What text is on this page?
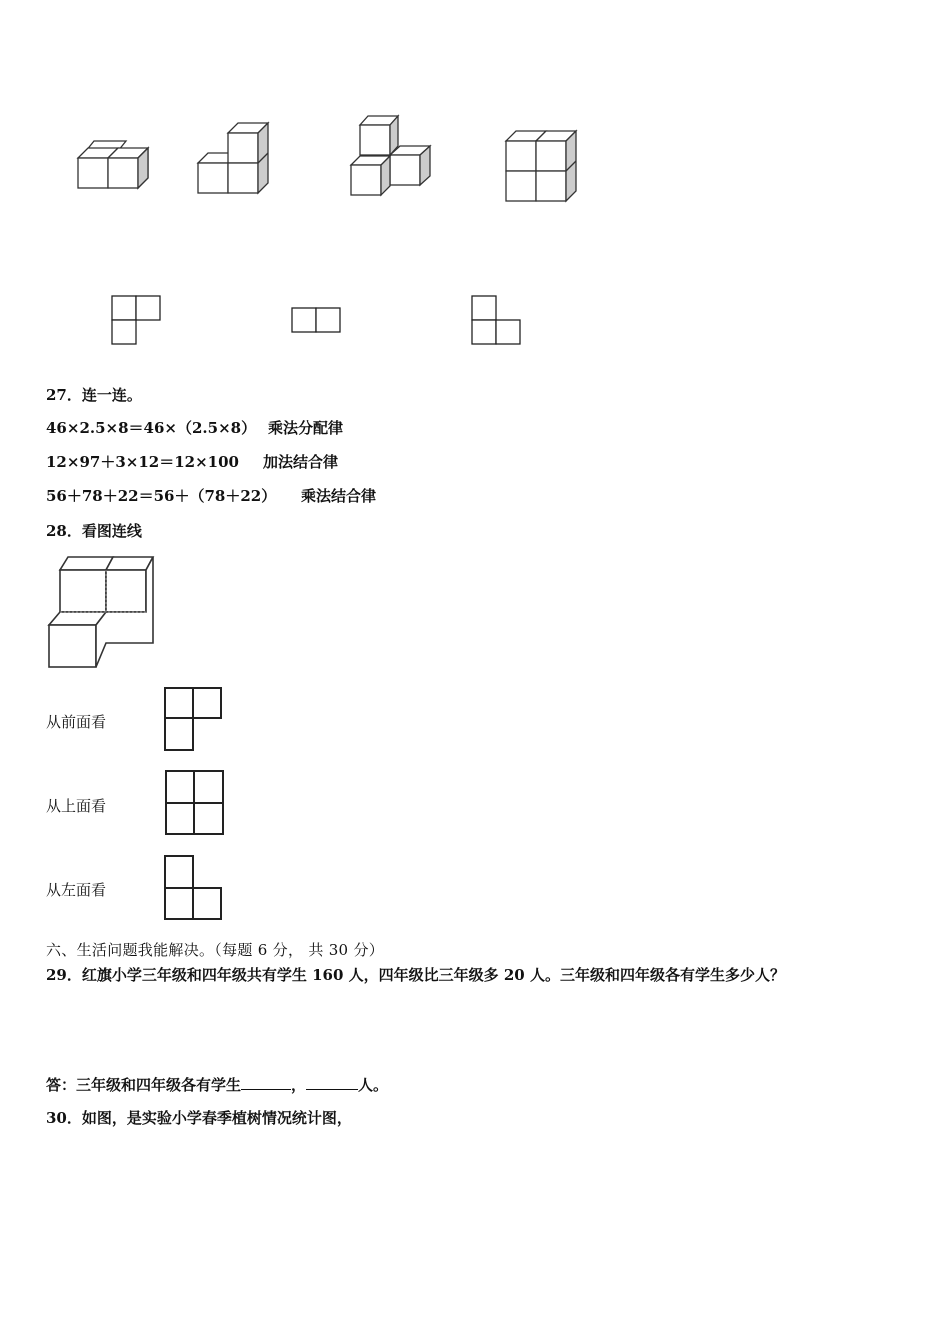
27．连一连。
46×2.5×8＝46×（2.5×8） 乘法分配律
12×97＋3×12＝12×100 加法结合律
56＋78＋22＝56＋（78＋22） 乘法结合律
28．看图连线
从前面看
从上面看
从左面看
六、生活问题我能解决。（每题 6 分， 共 30 分）
29．红旗小学三年级和四年级共有学生 160 人，四年级比三年级多 20 人。三年级和四年级各有学生多少人？
答：三年级和四年级各有学生	，	人。
30．如图，是实验小学春季植树情况统计图，
